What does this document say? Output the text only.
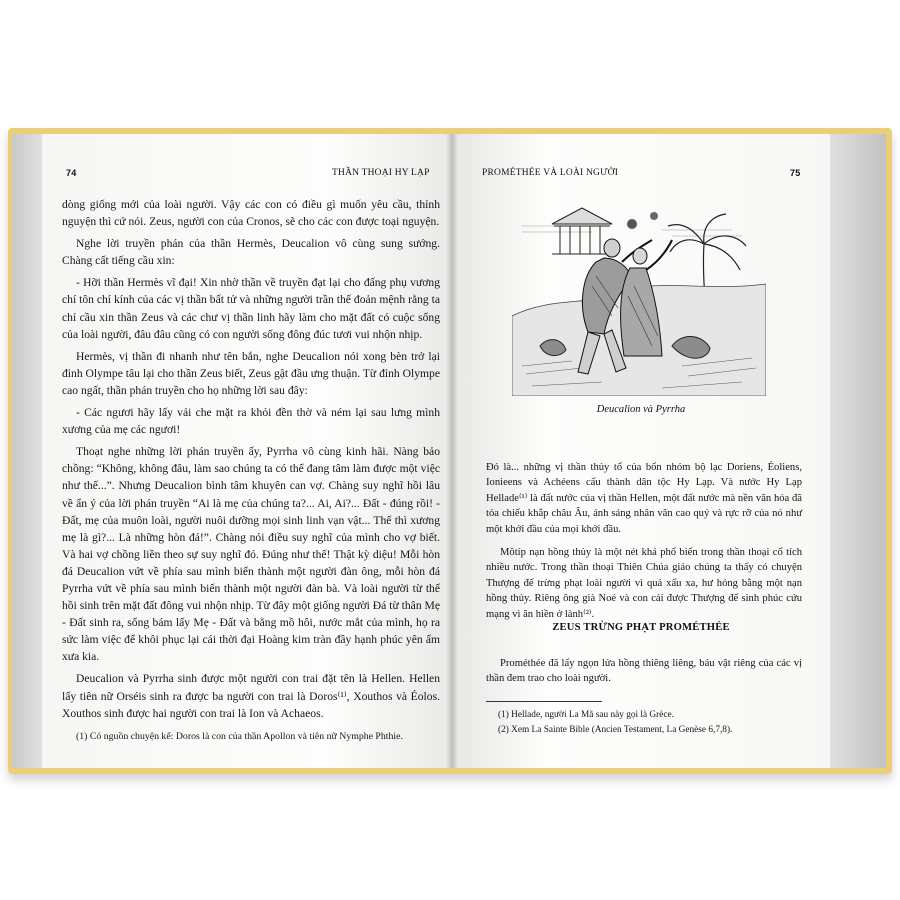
74	THẦN THOẠI HY LẠP

dòng giống mới của loài người. Vậy các con có điều gì muốn yêu cầu, thỉnh nguyện thì cứ nói. Zeus, người con của Cronos, sẽ cho các con được toại nguyện.

Nghe lời truyền phán của thần Hermès, Deucalion vô cùng sung sướng. Chàng cất tiếng cầu xin:

- Hỡi thần Hermès vĩ đại! Xin nhờ thần về truyền đạt lại cho đấng phụ vương chí tôn chí kính của các vị thần bất tử và những người trần thế đoản mệnh rằng ta chỉ cầu xin thần Zeus và các chư vị thần linh hãy làm cho mặt đất có cuộc sống của loài người, đâu đâu cũng có con người sống đông đúc tươi vui nhộn nhịp.

Hermès, vị thần đi nhanh như tên bắn, nghe Deucalion nói xong bèn trở lại đỉnh Olympe tâu lại cho thần Zeus biết, Zeus gật đầu ưng thuận. Từ đỉnh Olympe cao ngất, thần phán truyền cho họ những lời sau đây:

- Các ngươi hãy lấy vải che mặt ra khỏi đền thờ và ném lại sau lưng mình xương của mẹ các ngươi!

Thoạt nghe những lời phán truyền ấy, Pyrrha vô cùng kinh hãi. Nàng bảo chồng: “Không, không đâu, làm sao chúng ta có thể đang tâm làm được một việc như thế...”. Nhưng Deucalion bình tâm khuyên can vợ. Chàng suy nghĩ hồi lâu về ẩn ý của lời phán truyền “Ai là mẹ của chúng ta?... Ai, Ai?... Đất - đúng rồi! - Đất, mẹ của muôn loài, người nuôi dưỡng mọi sinh linh vạn vật... Thế thì xương mẹ là gì?... Là những hòn đá!”. Chàng nói điều suy nghĩ của mình cho vợ biết. Và hai vợ chồng liền theo sự suy nghĩ đó. Đúng như thế! Thật kỳ diệu! Mỗi hòn đá Deucalion vứt về phía sau mình biến thành một người đàn ông, mỗi hòn đá Pyrrha vứt về phía sau mình biến thành một người đàn bà. Và loài người từ thế hồi sinh trên mặt đất đông vui nhộn nhịp. Từ đây một giống người Đá từ thân Mẹ - Đất sinh ra, sống bám lấy Mẹ - Đất và bằng mồ hôi, nước mắt của mình, họ ra sức làm việc để khôi phục lại cái thời đại Hoàng kim tràn đầy hạnh phúc yên ấm xưa kia.

Deucalion và Pyrrha sinh được một người con trai đặt tên là Hellen. Hellen lấy tiên nữ Orséis sinh ra được ba người con trai là Doros⁽¹⁾, Xouthos và Éolos. Xouthos sinh được hai người con trai là Ion và Achaeos.

(1) Có nguồn chuyện kể: Doros là con của thần Apollon và tiên nữ Nymphe Phthie.
PROMÉTHÉE VÀ LOÀI NGƯỜI	75
Deucalion và Pyrrha

Đó là... những vị thần thủy tổ của bốn nhóm bộ lạc Doriens, Éoliens, Ionieens và Achéens cấu thành dân tộc Hy Lạp. Và nước Hy Lạp Hellade⁽¹⁾ là đất nước của vị thần Hellen, một đất nước mà nền văn hóa đã tỏa chiếu khắp châu Âu, ánh sáng nhân văn cao quý và rực rỡ của nó như một khởi đầu của mọi khởi đầu.

Môtíp nạn hồng thủy là một nét khá phổ biến trong thần thoại cổ tích nhiều nước. Trong thần thoại Thiên Chúa giáo chúng ta thấy có chuyện Thượng đế trừng phạt loài người vì quá xấu xa, hư hỏng bằng một nạn hồng thủy. Riêng ông già Noé và con cái được Thượng đế sinh phúc cứu mạng vì ăn hiền ở lành⁽²⁾.

ZEUS TRỪNG PHẠT PROMÉTHÉE

Prométhée đã lấy ngọn lửa hồng thiêng liêng, báu vật riêng của các vị thần đem trao cho loài người.

(1) Hellade, người La Mã sau này gọi là Grèce.
(2) Xem La Sainte Bible (Ancien Testament, La Genèse 6,7,8).
